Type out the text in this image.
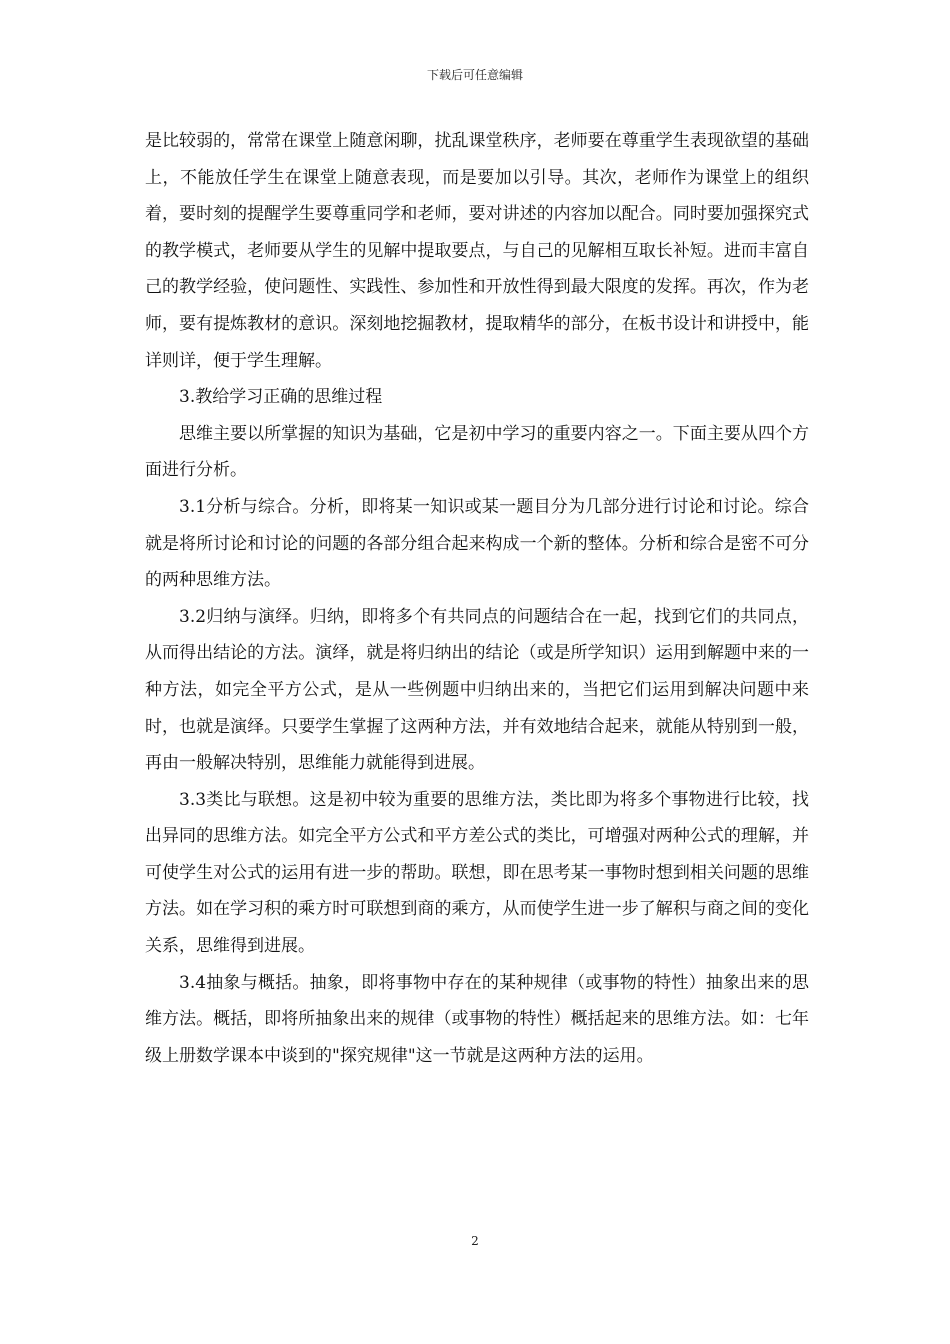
下载后可任意编辑

是比较弱的，常常在课堂上随意闲聊，扰乱课堂秩序，老师要在尊重学生表现欲望的基础上，不能放任学生在课堂上随意表现，而是要加以引导。其次，老师作为课堂上的组织着，要时刻的提醒学生要尊重同学和老师，要对讲述的内容加以配合。同时要加强探究式的教学模式，老师要从学生的见解中提取要点，与自己的见解相互取长补短。进而丰富自己的教学经验，使问题性、实践性、参加性和开放性得到最大限度的发挥。再次，作为老师，要有提炼教材的意识。深刻地挖掘教材，提取精华的部分，在板书设计和讲授中，能详则详，便于学生理解。

3.教给学习正确的思维过程

思维主要以所掌握的知识为基础，它是初中学习的重要内容之一。下面主要从四个方面进行分析。

3.1分析与综合。分析，即将某一知识或某一题目分为几部分进行讨论和讨论。综合就是将所讨论和讨论的问题的各部分组合起来构成一个新的整体。分析和综合是密不可分的两种思维方法。

3.2归纳与演绎。归纳，即将多个有共同点的问题结合在一起，找到它们的共同点，从而得出结论的方法。演绎，就是将归纳出的结论（或是所学知识）运用到解题中来的一种方法，如完全平方公式，是从一些例题中归纳出来的，当把它们运用到解决问题中来时，也就是演绎。只要学生掌握了这两种方法，并有效地结合起来，就能从特别到一般，再由一般解决特别，思维能力就能得到进展。

3.3类比与联想。这是初中较为重要的思维方法，类比即为将多个事物进行比较，找出异同的思维方法。如完全平方公式和平方差公式的类比，可增强对两种公式的理解，并可使学生对公式的运用有进一步的帮助。联想，即在思考某一事物时想到相关问题的思维方法。如在学习积的乘方时可联想到商的乘方，从而使学生进一步了解积与商之间的变化关系，思维得到进展。

3.4抽象与概括。抽象，即将事物中存在的某种规律（或事物的特性）抽象出来的思维方法。概括，即将所抽象出来的规律（或事物的特性）概括起来的思维方法。如：七年级上册数学课本中谈到的"探究规律"这一节就是这两种方法的运用。

2
